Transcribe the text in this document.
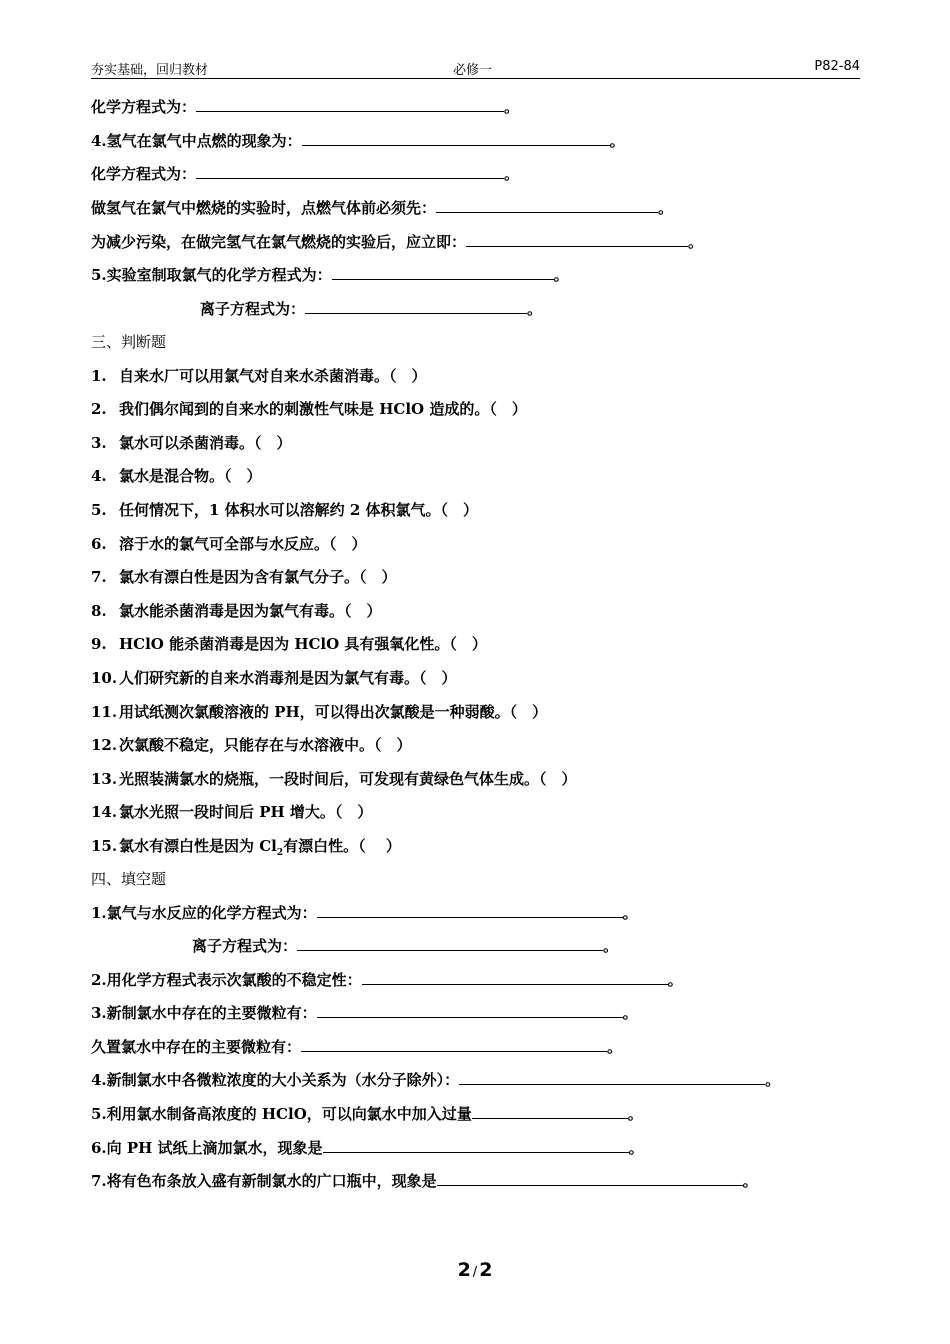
夯实基础，回归教材	必修一	P82-84
化学方程式为：	。
4.氢气在氯气中点燃的现象为：	。
化学方程式为：	。
做氢气在氯气中燃烧的实验时，点燃气体前必须先：	。
为减少污染，在做完氢气在氯气燃烧的实验后，应立即：	。
5.实验室制取氯气的化学方程式为：	。
离子方程式为：	。
三、判断题
1. 自来水厂可以用氯气对自来水杀菌消毒。（　）
2. 我们偶尔闻到的自来水的刺激性气味是 HClO 造成的。（　）
3. 氯水可以杀菌消毒。（　）
4. 氯水是混合物。（　）
5. 任何情况下，1 体积水可以溶解约 2 体积氯气。（　）
6. 溶于水的氯气可全部与水反应。（　）
7. 氯水有漂白性是因为含有氯气分子。（　）
8. 氯水能杀菌消毒是因为氯气有毒。（　）
9. HClO 能杀菌消毒是因为 HClO 具有强氧化性。（　）
10. 人们研究新的自来水消毒剂是因为氯气有毒。（　）
11. 用试纸测次氯酸溶液的 PH，可以得出次氯酸是一种弱酸。（　）
12. 次氯酸不稳定，只能存在与水溶液中。（　）
13. 光照装满氯水的烧瓶，一段时间后，可发现有黄绿色气体生成。（　）
14. 氯水光照一段时间后 PH 增大。（　）
15. 氯水有漂白性是因为 $Cl_2$有漂白性。（　 ）
四、填空题
1.氯气与水反应的化学方程式为：	。
离子方程式为：	。
2.用化学方程式表示次氯酸的不稳定性：	。
3.新制氯水中存在的主要微粒有：	。
久置氯水中存在的主要微粒有：	。
4.新制氯水中各微粒浓度的大小关系为（水分子除外）：	。
5.利用氯水制备高浓度的 HClO，可以向氯水中加入过量	。
6.向 PH 试纸上滴加氯水，现象是	。
7.将有色布条放入盛有新制氯水的广口瓶中，现象是	。
2 / 2
